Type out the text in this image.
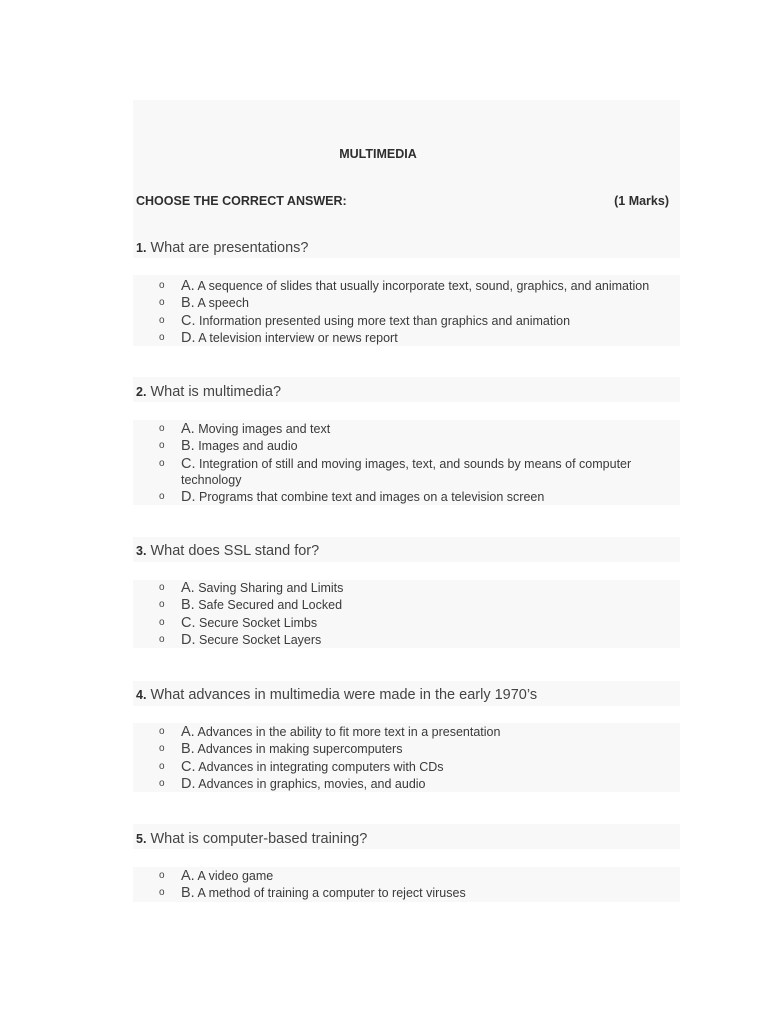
MULTIMEDIA
CHOOSE THE CORRECT ANSWER:	(1 Marks)
1. What are presentations?
o A. A sequence of slides that usually incorporate text, sound, graphics, and animation
o B. A speech
o C. Information presented using more text than graphics and animation
o D. A television interview or news report
2. What is multimedia?
o A. Moving images and text
o B. Images and audio
o C. Integration of still and moving images, text, and sounds by means of computer technology
o D. Programs that combine text and images on a television screen
3. What does SSL stand for?
o A. Saving Sharing and Limits
o B. Safe Secured and Locked
o C. Secure Socket Limbs
o D. Secure Socket Layers
4. What advances in multimedia were made in the early 1970’s
o A. Advances in the ability to fit more text in a presentation
o B. Advances in making supercomputers
o C. Advances in integrating computers with CDs
o D. Advances in graphics, movies, and audio
5. What is computer-based training?
o A. A video game
o B. A method of training a computer to reject viruses
